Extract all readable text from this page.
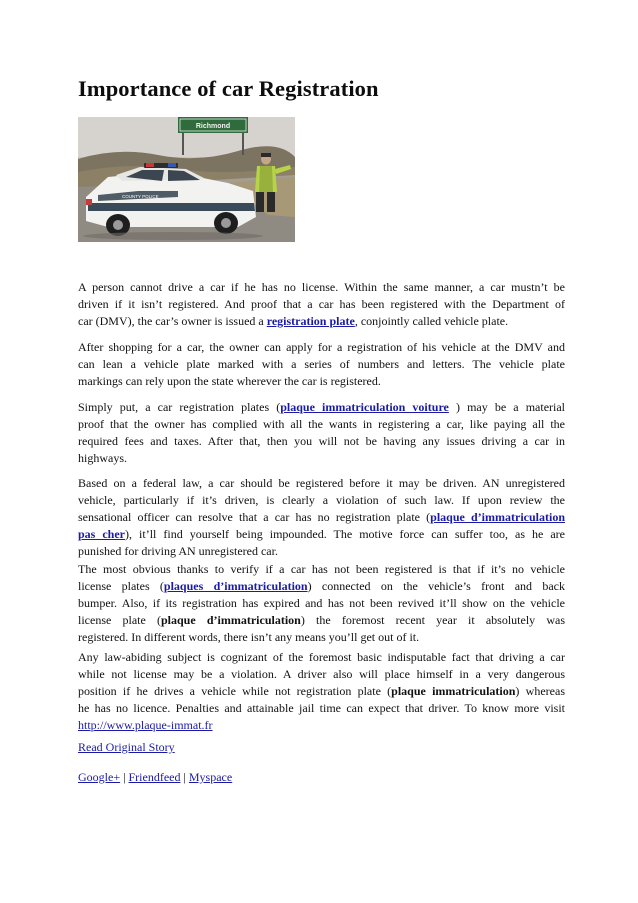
Importance of car Registration
Richmond
COUNTY POLICE
A person cannot drive a car if he has no license. Within the same manner, a car mustn’t be
driven if it isn’t registered. And proof that a car has been registered with the Department of
car (DMV), the car’s owner is issued a registration plate, conjointly called vehicle plate.
After shopping for a car, the owner can apply for a registration of his vehicle at the DMV and
can lean a vehicle plate marked with a series of numbers and letters. The vehicle plate
markings can rely upon the state wherever the car is registered.
Simply put, a car registration plates (plaque immatriculation voiture ) may be a material
proof that the owner has complied with all the wants in registering a car, like paying all the
required fees and taxes. After that, then you will not be having any issues driving a car in
highways.
Based on a federal law, a car should be registered before it may be driven. AN unregistered
vehicle, particularly if it’s driven, is clearly a violation of such law. If upon review the
sensational officer can resolve that a car has no registration plate (plaque d’immatriculation
pas cher), it’ll find yourself being impounded. The motive force can suffer too, as he are
punished for driving AN unregistered car.
The most obvious thanks to verify if a car has not been registered is that if it’s no vehicle
license plates (plaques d’immatriculation) connected on the vehicle’s front and back
bumper. Also, if its registration has expired and has not been revived it’ll show on the vehicle
license plate (plaque d’immatriculation) the foremost recent year it absolutely was
registered. In different words, there isn’t any means you’ll get out of it.
Any law-abiding subject is cognizant of the foremost basic indisputable fact that driving a car
while not license may be a violation. A driver also will place himself in a very dangerous
position if he drives a vehicle while not registration plate (plaque immatriculation) whereas
he has no licence. Penalties and attainable jail time can expect that driver. To know more visit
http://www.plaque-immat.fr
Read Original Story
Google+ | Friendfeed | Myspace
